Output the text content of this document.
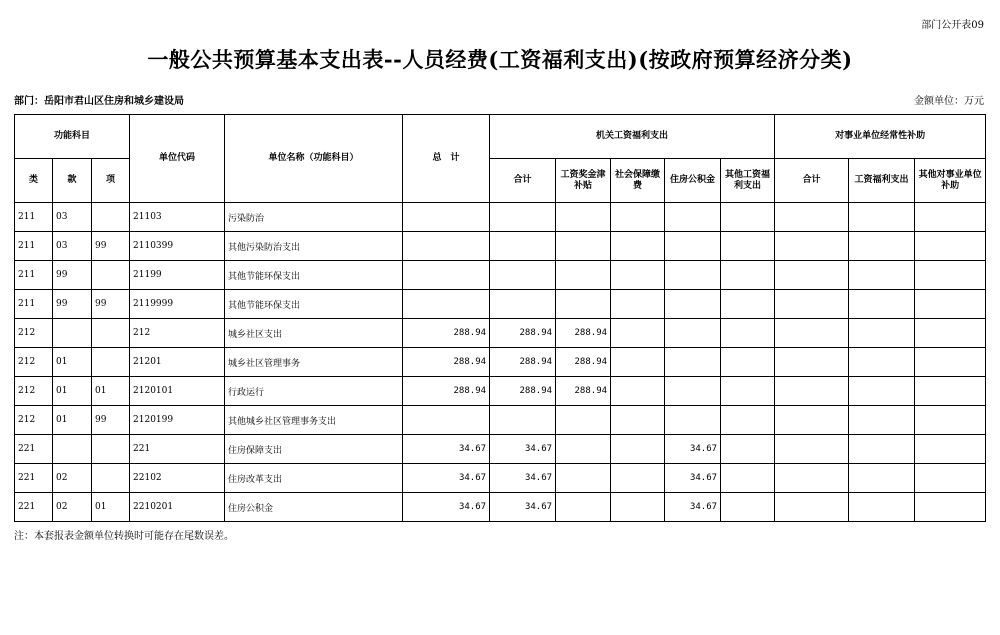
部门公开表09
一般公共预算基本支出表--人员经费(工资福利支出)(按政府预算经济分类)
部门：岳阳市君山区住房和城乡建设局	金额单位：万元
功能科目			单位代码	单位名称（功能科目）	总　计	机关工资福利支出					对事业单位经常性补助		
类	款	项				合计	工资奖金津补贴	社会保障缴费	住房公积金	其他工资福利支出	合计	工资福利支出	其他对事业单位补助
211	03		21103	污染防治									
211	03	99	2110399	其他污染防治支出									
211	99		21199	其他节能环保支出									
211	99	99	2119999	其他节能环保支出									
212			212	城乡社区支出	288.94	288.94	288.94						
212	01		21201	城乡社区管理事务	288.94	288.94	288.94						
212	01	01	2120101	行政运行	288.94	288.94	288.94						
212	01	99	2120199	其他城乡社区管理事务支出									
221			221	住房保障支出	34.67	34.67			34.67				
221	02		22102	住房改革支出	34.67	34.67			34.67				
221	02	01	2210201	住房公积金	34.67	34.67			34.67				
注：本套报表金额单位转换时可能存在尾数误差。
